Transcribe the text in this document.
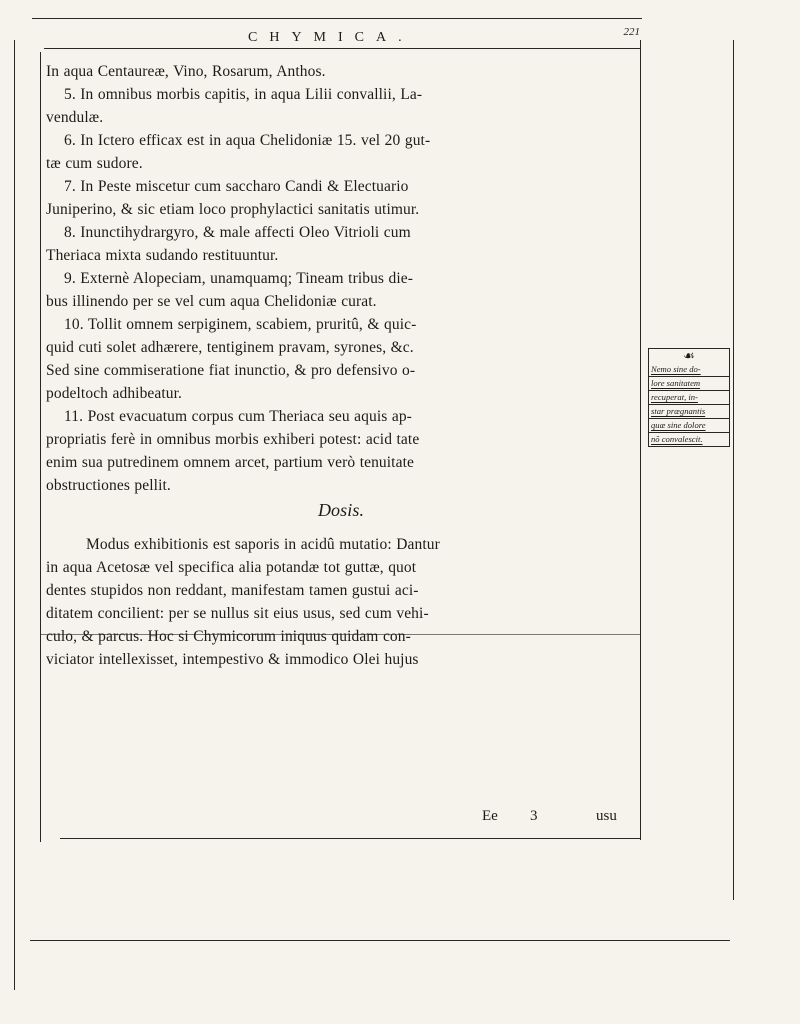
CHYMICA.	221
In aqua Centaureæ, Vino, Rosarum, Anthos.
5. In omnibus morbis capitis, in aqua Lilii convallii, La-
vendulæ.
6. In Ictero efficax est in aqua Chelidoniæ 15. vel 20 gut-
tæ cum sudore.
7. In Peste miscetur cum saccharo Candi & Electuario
Juniperino, & sic etiam loco prophylactici sanitatis utimur.
8. Inunctihydrargyro, & male affecti Oleo Vitrioli cum
Theriaca mixta sudando restituuntur.
9. Externè Alopeciam, unamquamq; Tineam tribus die-
bus illinendo per se vel cum aqua Chelidoniæ curat.
10. Tollit omnem serpiginem, scabiem, pruritû, & quic-
quid cuti solet adhærere, tentiginem pravam, syrones, &c.
Sed sine commiseratione fiat inunctio, & pro defensivo o-
podeltoch adhibeatur.
11. Post evacuatum corpus cum Theriaca seu aquis ap-
propriatis ferè in omnibus morbis exhiberi potest: acid tate
enim sua putredinem omnem arcet, partium verò tenuitate
obstructiones pellit.
Dosis.
Modus exhibitionis est saporis in acidû mutatio: Dantur
in aqua Acetosæ vel specifica alia potandæ tot guttæ, quot
dentes stupidos non reddant, manifestam tamen gustui aci-
ditatem concilient: per se nullus sit eius usus, sed cum vehi-
culo, & parcus. Hoc si Chymicorum iniquus quidam con-
viciator intellexisset, intempestivo & immodico Olei hujus
Ee 3	usu
☙
Nemo sine do-
lore sanitatem
recuperat, in-
star prægnantis
quæ sine dolore
nõ convalescit.
